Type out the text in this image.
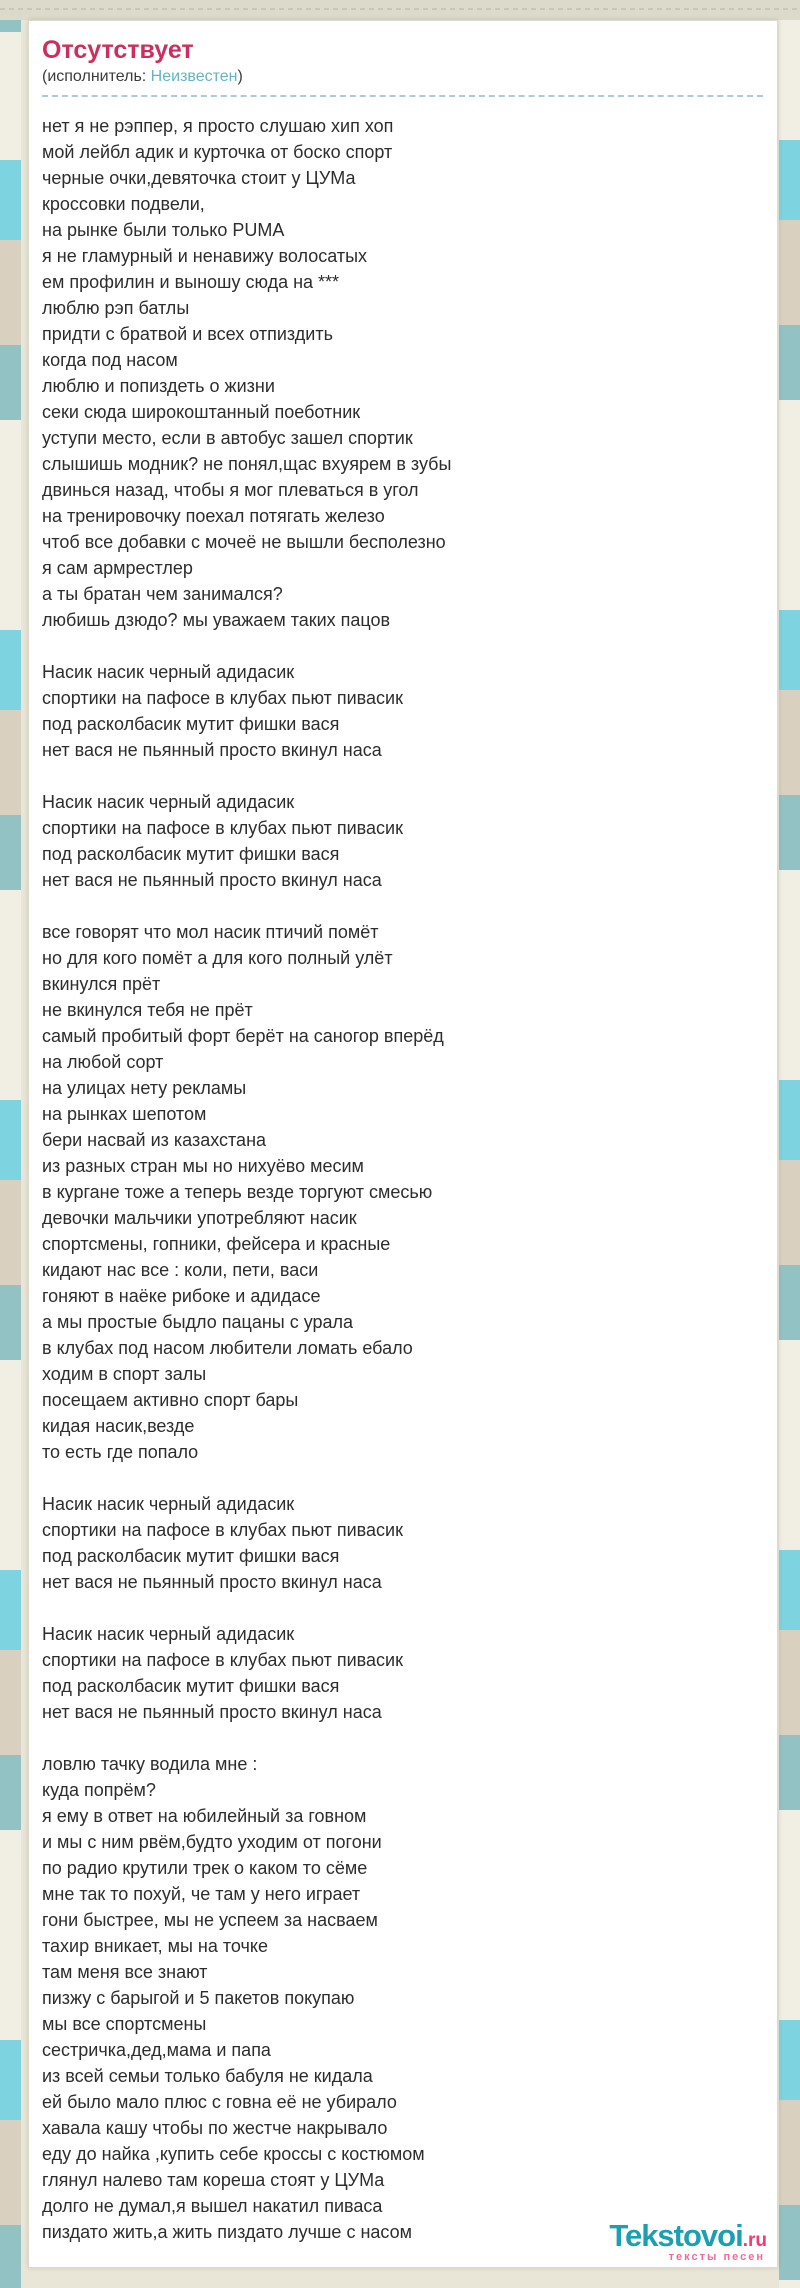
Отсутствует
(исполнитель: Неизвестен)
нет я не рэппер, я просто слушаю хип хоп
мой лейбл адик и курточка от боско спорт
черные очки,девяточка стоит у ЦУМа
кроссовки подвели,
на рынке были только PUMA
я не гламурный и ненавижу волосатых
ем профилин и выношу сюда на ***
люблю рэп батлы
придти с братвой и всех отпиздить
когда под насом
люблю и попиздеть о жизни
секи сюда широкоштанный поеботник
уступи место, если в автобус зашел спортик
слышишь модник? не понял,щас вхуярем в зубы
двинься назад, чтобы я мог плеваться в угол
на тренировочку поехал потягать железо
чтоб все добавки с мочеё не вышли бесполезно
я сам армрестлер
а ты братан чем занимался?
любишь дзюдо? мы уважаем таких пацов
Насик насик черный адидасик
спортики на пафосе в клубах пьют пивасик
под расколбасик мутит фишки вася
нет вася не пьянный просто вкинул наса
Насик насик черный адидасик
спортики на пафосе в клубах пьют пивасик
под расколбасик мутит фишки вася
нет вася не пьянный просто вкинул наса
все говорят что мол насик птичий помёт
но для кого помёт а для кого полный улёт
вкинулся прёт
не вкинулся тебя не прёт
самый пробитый форт берёт на саногор вперёд
на любой сорт
на улицах нету рекламы
на рынках шепотом
бери насвай из казахстана
из разных стран мы но нихуёво месим
в кургане тоже а теперь везде торгуют смесью
девочки мальчики употребляют насик
спортсмены, гопники, фейсера и красные
кидают нас все : коли, пети, васи
гоняют в наёке рибоке и адидасе
а мы простые быдло пацаны с урала
в клубах под насом любители ломать ебало
ходим в спорт залы
посещаем активно спорт бары
кидая насик,везде
то есть где попало
Насик насик черный адидасик
спортики на пафосе в клубах пьют пивасик
под расколбасик мутит фишки вася
нет вася не пьянный просто вкинул наса
Насик насик черный адидасик
спортики на пафосе в клубах пьют пивасик
под расколбасик мутит фишки вася
нет вася не пьянный просто вкинул наса
ловлю тачку водила мне :
куда попрём?
я ему в ответ на юбилейный за говном
и мы с ним рвём,будто уходим от погони
по радио крутили трек о каком то сёме
мне так то похуй, че там у него играет
гони быстрее, мы не успеем за насваем
тахир вникает, мы на точке
там меня все знают
пизжу с барыгой и 5 пакетов покупаю
мы все спортсмены
сестричка,дед,мама и папа
из всей семьи только бабуля не кидала
ей было мало плюс с говна её не убирало
хавала кашу чтобы по жестче накрывало
еду до найка ,купить себе кроссы с костюмом
глянул налево там кореша стоят у ЦУМа
долго не думал,я вышел накатил пиваса
пиздато жить,а жить пиздато лучше с насом	Tekstovoi.ru
тексты песен
